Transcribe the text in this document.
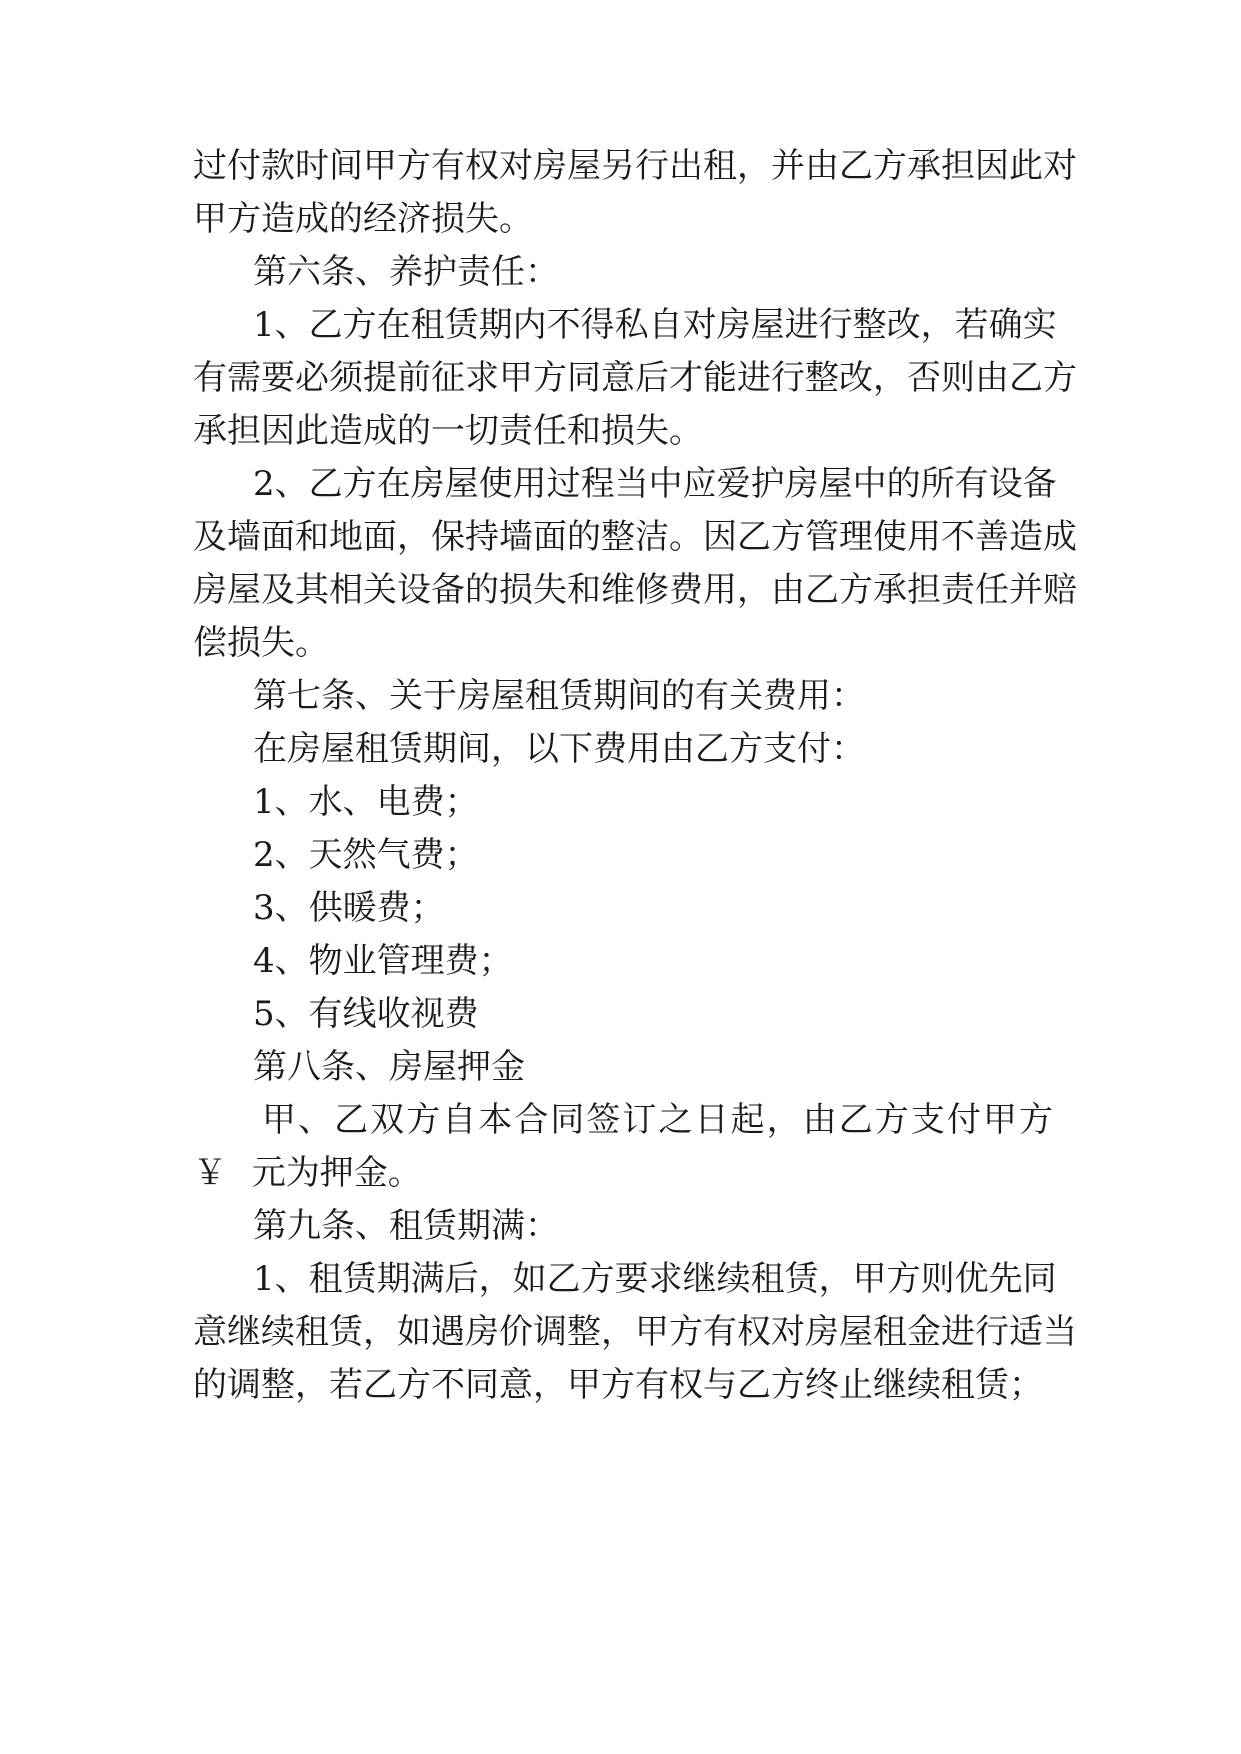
过付款时间甲方有权对房屋另行出租，并由乙方承担因此对
甲方造成的经济损失。
第六条、养护责任：
1、乙方在租赁期内不得私自对房屋进行整改，若确实
有需要必须提前征求甲方同意后才能进行整改，否则由乙方
承担因此造成的一切责任和损失。
2、乙方在房屋使用过程当中应爱护房屋中的所有设备
及墙面和地面，保持墙面的整洁。因乙方管理使用不善造成
房屋及其相关设备的损失和维修费用，由乙方承担责任并赔
偿损失。
第七条、关于房屋租赁期间的有关费用：
在房屋租赁期间，以下费用由乙方支付：
1、水、电费；
2、天然气费；
3、供暖费；
4、物业管理费；
5、有线收视费
第八条、房屋押金
甲、乙双方自本合同签订之日起，由乙方支付甲方
￥ 元为押金。
第九条、租赁期满：
1、租赁期满后，如乙方要求继续租赁，甲方则优先同
意继续租赁，如遇房价调整，甲方有权对房屋租金进行适当
的调整，若乙方不同意，甲方有权与乙方终止继续租赁；
